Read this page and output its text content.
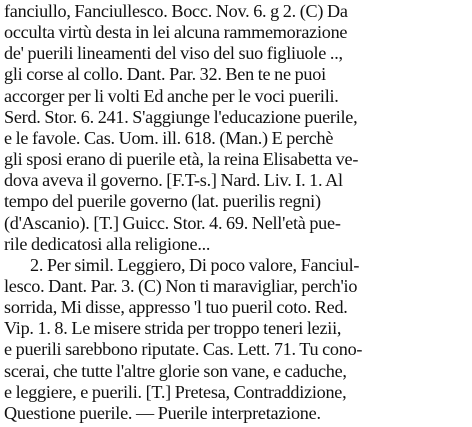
fanciullo, Fanciullesco. Bocc. Nov. 6. g 2. (C) Da
occulta virtù desta in lei alcuna rammemorazione
de' puerili lineamenti del viso del suo figliuole ..,
gli corse al collo. Dant. Par. 32. Ben te ne puoi
accorger per li volti Ed anche per le voci puerili.
Serd. Stor. 6. 241. S'aggiunge l'educazione puerile,
e le favole. Cas. Uom. ill. 618. (Man.) E perchè
gli sposi erano di puerile età, la reina Elisabetta ve-
dova aveva il governo. [F.T-s.] Nard. Liv. I. 1. Al
tempo del puerile governo (lat. puerilis regni)
(d'Ascanio). [T.] Guicc. Stor. 4. 69. Nell'età pue-
rile dedicatosi alla religione...
2. Per simil. Leggiero, Di poco valore, Fanciul-
lesco. Dant. Par. 3. (C) Non ti maravigliar, perch'io
sorrida, Mi disse, appresso 'l tuo pueril coto. Red.
Vip. 1. 8. Le misere strida per troppo teneri lezii,
e puerili sarebbono riputate. Cas. Lett. 71. Tu cono-
scerai, che tutte l'altre glorie son vane, e caduche,
e leggiere, e puerili. [T.] Pretesa, Contraddizione,
Questione puerile. — Puerile interpretazione.
